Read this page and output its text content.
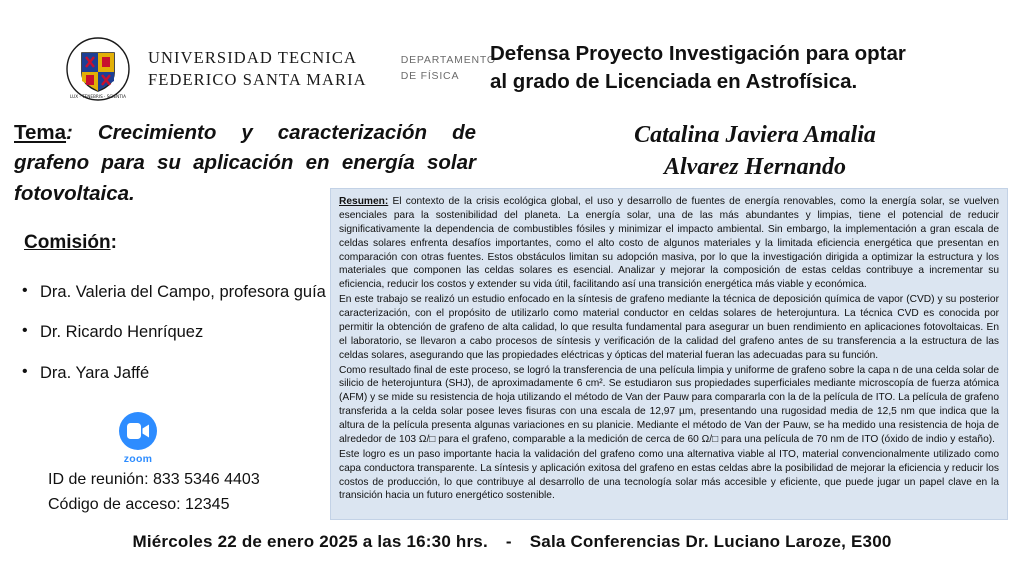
LUX · TENEBRIS · SCIENTIA
UNIVERSIDAD TECNICA
FEDERICO SANTA MARIA
DEPARTAMENTO
DE FÍSICA
Defensa Proyecto Investigación para optar
al grado de Licenciada en Astrofísica.
Tema: Crecimiento y caracterización de grafeno para su aplicación en energía solar fotovoltaica.
Comisión:
• Dra. Valeria del Campo, profesora guía
• Dr. Ricardo Henríquez
• Dra. Yara Jaffé
zoom
ID de reunión: 833 5346 4403
Código de acceso: 12345
Catalina Javiera Amalia
Alvarez Hernando

Resumen: El contexto de la crisis ecológica global, el uso y desarrollo de fuentes de energía renovables, como la energía solar, se vuelven esenciales para la sostenibilidad del planeta. La energía solar, una de las más abundantes y limpias, tiene el potencial de reducir significativamente la dependencia de combustibles fósiles y minimizar el impacto ambiental. Sin embargo, la implementación a gran escala de celdas solares enfrenta desafíos importantes, como el alto costo de algunos materiales y la limitada eficiencia energética que presentan en comparación con otras fuentes. Estos obstáculos limitan su adopción masiva, por lo que la investigación dirigida a optimizar la estructura y los materiales que componen las celdas solares es esencial. Analizar y mejorar la composición de estas celdas contribuye a incrementar su eficiencia, reducir los costos y extender su vida útil, facilitando así una transición energética más viable y económica.

En este trabajo se realizó un estudio enfocado en la síntesis de grafeno mediante la técnica de deposición química de vapor (CVD) y su posterior caracterización, con el propósito de utilizarlo como material conductor en celdas solares de heterojuntura. La técnica CVD es conocida por permitir la obtención de grafeno de alta calidad, lo que resulta fundamental para asegurar un buen rendimiento en aplicaciones fotovoltaicas. En el laboratorio, se llevaron a cabo procesos de síntesis y verificación de la calidad del grafeno antes de su transferencia a la estructura de las celdas solares, asegurando que las propiedades eléctricas y ópticas del material fueran las adecuadas para su función.

Como resultado final de este proceso, se logró la transferencia de una película limpia y uniforme de grafeno sobre la capa n de una celda solar de silicio de heterojuntura (SHJ), de aproximadamente 6 cm². Se estudiaron sus propiedades superficiales mediante microscopía de fuerza atómica (AFM) y se mide su resistencia de hoja utilizando el método de Van der Pauw para compararla con la de la película de ITO. La película de grafeno transferida a la celda solar posee leves fisuras con una escala de 12,97 µm, presentando una rugosidad media de 12,5 nm que indica que la altura de la película presenta algunas variaciones en su planicie. Mediante el método de Van der Pauw, se ha medido una resistencia de hoja de alrededor de 103 Ω/□ para el grafeno, comparable a la medición de cerca de 60 Ω/□ para una película de 70 nm de ITO (óxido de indio y estaño).

Este logro es un paso importante hacia la validación del grafeno como una alternativa viable al ITO, material convencionalmente utilizado como capa conductora transparente. La síntesis y aplicación exitosa del grafeno en estas celdas abre la posibilidad de mejorar la eficiencia y reducir los costos de producción, lo que contribuye al desarrollo de una tecnología solar más accesible y eficiente, que puede jugar un papel clave en la transición hacia un futuro energético sostenible.

Miércoles 22 de enero 2025 a las 16:30 hrs. - Sala Conferencias Dr. Luciano Laroze, E300
